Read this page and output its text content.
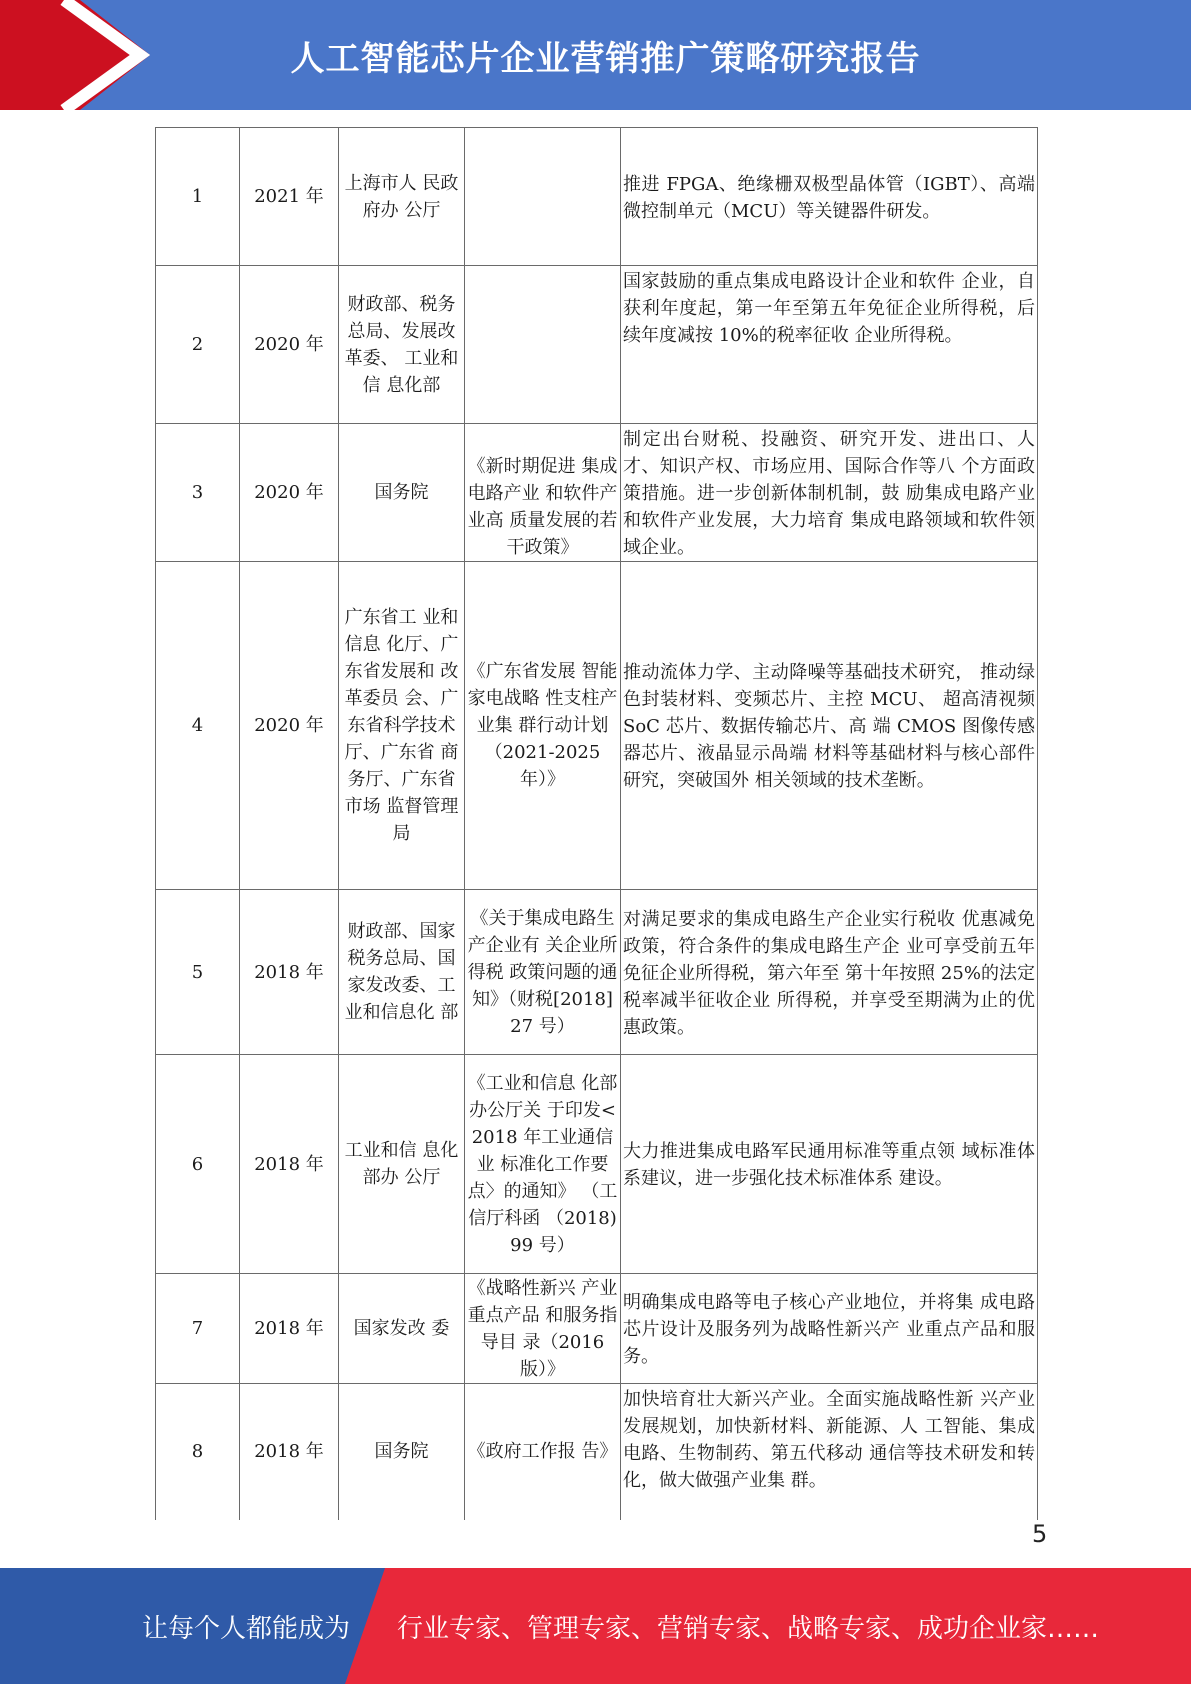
人工智能芯片企业营销推广策略研究报告
1	2021 年	上海市人 民政府办 公厅		推进 FPGA、绝缘栅双极型晶体管（IGBT）、高端微控制单元（MCU）等关键器件研发。
2	2020 年	财政部、税务总局、发展改革委、 工业和信 息化部		国家鼓励的重点集成电路设计企业和软件 企业，自获利年度起，第一年至第五年免征企业所得税，后续年度减按 10%的税率征收 企业所得税。
3	2020 年	国务院	《新时期促进 集成电路产业 和软件产业高 质量发展的若 干政策》	制定出台财税、投融资、研究开发、进出口、人才、知识产权、市场应用、国际合作等八 个方面政策措施。进一步创新体制机制，鼓 励集成电路产业和软件产业发展，大力培育 集成电路领域和软件领域企业。
4	2020 年	广东省工 业和信息 化厅、广东省发展和 改革委员 会、广东省科学技术 厅、广东省 商务厅、广东省市场 监督管理 局	《广东省发展 智能家电战略 性支柱产业集 群行动计划（2021-2025 年）》	推动流体力学、主动降噪等基础技术研究， 推动绿色封装材料、变频芯片、主控 MCU、 超高清视频 SoC 芯片、数据传输芯片、高 端 CMOS 图像传感器芯片、液晶显示咼端 材料等基础材料与核心部件研究，突破国外 相关领域的技术垄断。
5	2018 年	财政部、国家税务总局、国家发改委、工业和信息化 部	《关于集成电路生产企业有 关企业所得税 政策问题的通 知》（财税[2018]27 号）	对满足要求的集成电路生产企业实行税收 优惠减免政策，符合条件的集成电路生产企 业可享受前五年免征企业所得税，第六年至 第十年按照 25%的法定税率减半征收企业 所得税，并享受至期满为止的优惠政策。
6	2018 年	工业和信 息化部办 公厅	《工业和信息 化部办公厅关 于印发<2018 年工业通信业 标准化工作要 点〉的通知》 （工信厅科函 （2018)99 号）	大力推进集成电路军民通用标准等重点领 域标准体系建议，进一步强化技术标准体系 建设。
7	2018 年	国家发改 委	《战略性新兴 产业重点产品 和服务指导目 录（2016 版）》	明确集成电路等电子核心产业地位，并将集 成电路芯片设计及服务列为战略性新兴产 业重点产品和服务。
8	2018 年	国务院	《政府工作报 告》	加快培育壮大新兴产业。全面实施战略性新 兴产业发展规划，加快新材料、新能源、人 工智能、集成电路、生物制药、第五代移动 通信等技术研发和转化，做大做强产业集 群。
5
让每个人都能成为 行业专家、管理专家、营销专家、战略专家、成功企业家……
